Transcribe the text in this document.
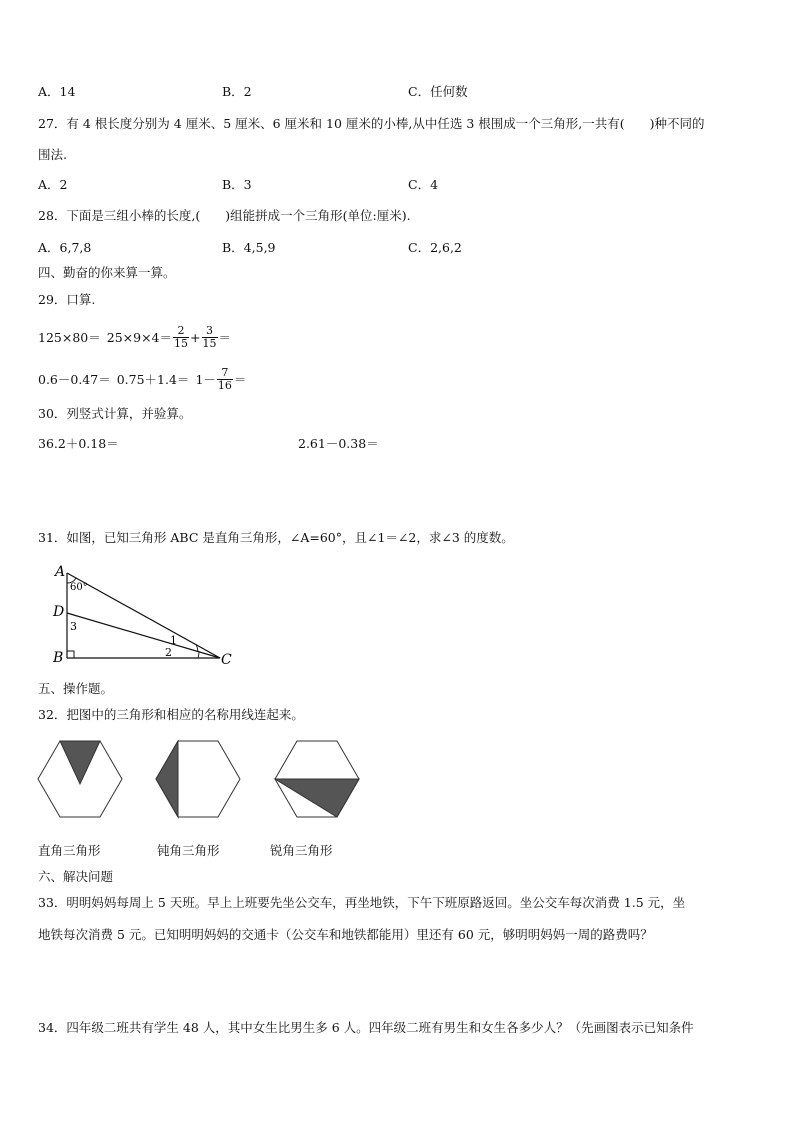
A．14	B．2	C．任何数
27．有 4 根长度分别为 4 厘米、5 厘米、6 厘米和 10 厘米的小棒,从中任选 3 根围成一个三角形,一共有(　　)种不同的
围法.
A．2	B．3	C．4
28．下面是三组小棒的长度,(　　)组能拼成一个三角形(单位:厘米).
A．6,7,8	B．4,5,9	C．2,6,2
四、勤奋的你来算一算。
29．口算.
$125\times 80= 25\times 9\times 4= \frac{2}{15} + \frac{3}{15}$ ＝
$0.6-0.47= 0.75+1.4= 1- \frac{7}{16}$ ＝
30．列竖式计算，并验算。
36.2＋0.18＝	2.61－0.38＝
31．如图，已知三角形 ABC 是直角三角形，∠A=60°，且∠1＝∠2，求∠3 的度数。
A
60°
D
3
B
1
2	C
五、操作题。
32．把图中的三角形和相应的名称用线连起来。
直角三角形	钝角三角形	锐角三角形
六、解决问题
33．明明妈妈每周上 5 天班。早上上班要先坐公交车，再坐地铁，下午下班原路返回。坐公交车每次消费 1.5 元，坐
地铁每次消费 5 元。已知明明妈妈的交通卡（公交车和地铁都能用）里还有 60 元，够明明妈妈一周的路费吗？
34．四年级二班共有学生 48 人，其中女生比男生多 6 人。四年级二班有男生和女生各多少人？（先画图表示已知条件
